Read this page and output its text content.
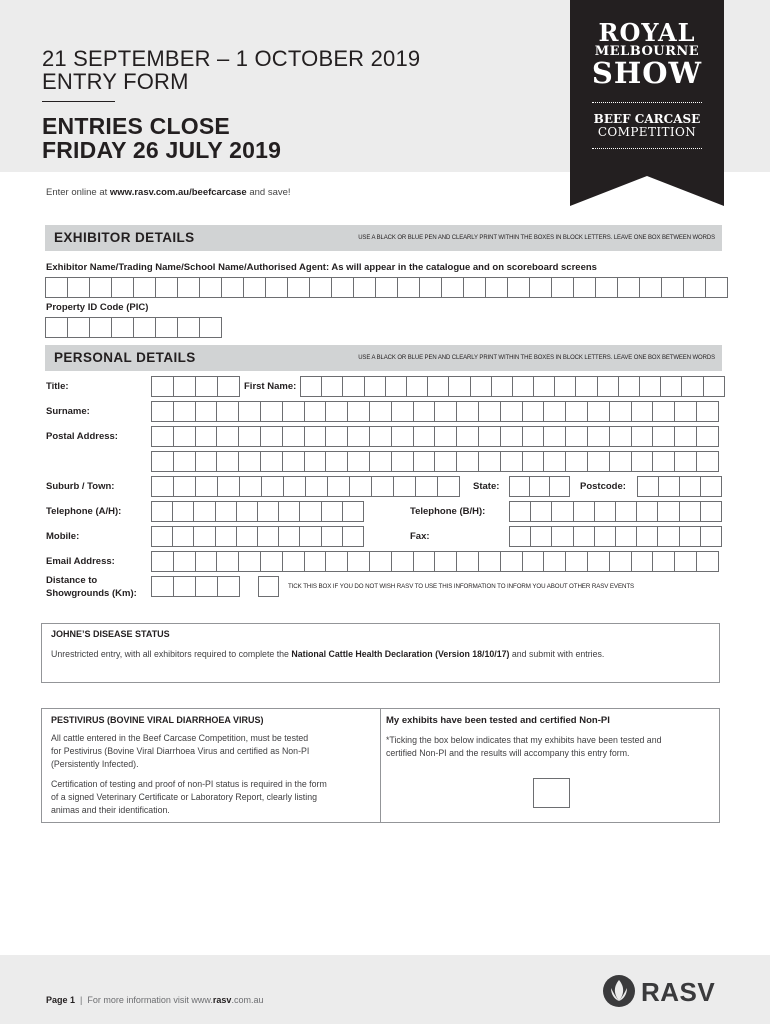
21 SEPTEMBER – 1 OCTOBER 2019
ENTRY FORM
ENTRIES CLOSE
FRIDAY 26 JULY 2019
ROYAL
MELBOURNE
SHOW
BEEF CARCASE
COMPETITION
Enter online at www.rasv.com.au/beefcarcase and save!
EXHIBITOR DETAILS	USE A BLACK OR BLUE PEN AND CLEARLY PRINT WITHIN THE BOXES IN BLOCK LETTERS. LEAVE ONE BOX BETWEEN WORDS
Exhibitor Name/Trading Name/School Name/Authorised Agent: As will appear in the catalogue and on scoreboard screens
Property ID Code (PIC)
PERSONAL DETAILS	USE A BLACK OR BLUE PEN AND CLEARLY PRINT WITHIN THE BOXES IN BLOCK LETTERS. LEAVE ONE BOX BETWEEN WORDS
Title:	First Name:
Surname:
Postal Address:
Suburb / Town:	State:	Postcode:
Telephone (A/H):	Telephone (B/H):
Mobile:	Fax:
Email Address:
Distance to
Showgrounds (Km):
TICK THIS BOX IF YOU DO NOT WISH RASV TO USE THIS INFORMATION TO INFORM YOU ABOUT OTHER RASV EVENTS
JOHNE’S DISEASE STATUS
Unrestricted entry, with all exhibitors required to complete the National Cattle Health Declaration (Version 18/10/17) and submit with entries.
PESTIVIRUS (BOVINE VIRAL DIARRHOEA VIRUS)
All cattle entered in the Beef Carcase Competition, must be tested
for Pestivirus (Bovine Viral Diarrhoea Virus and certified as Non-PI
(Persistently Infected).
Certification of testing and proof of non-PI status is required in the form
of a signed Veterinary Certificate or Laboratory Report, clearly listing
animas and their identification.
My exhibits have been tested and certified Non-PI
*Ticking the box below indicates that my exhibits have been tested and
certified Non-PI and the results will accompany this entry form.
Page 1 | For more information visit www.rasv.com.au	RASV
